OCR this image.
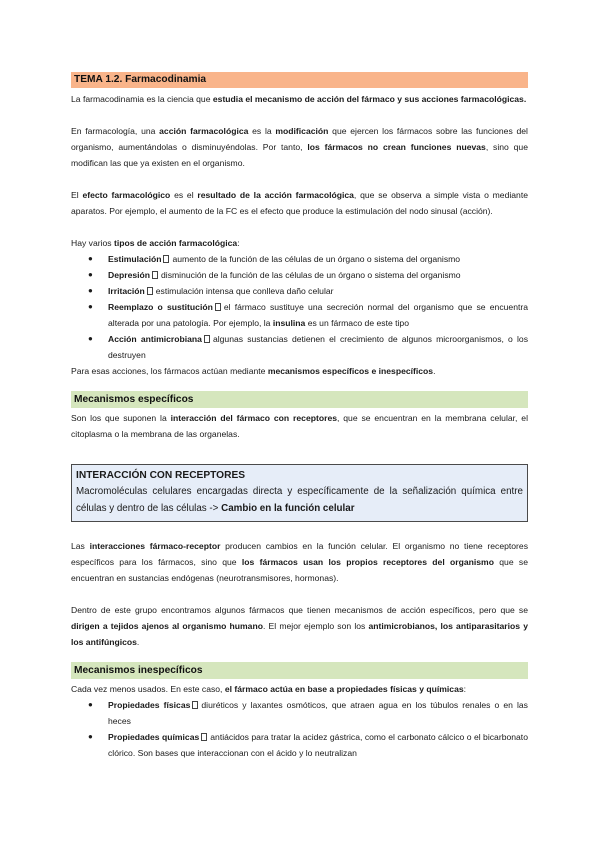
TEMA 1.2. Farmacodinamia

La farmacodinamia es la ciencia que estudia el mecanismo de acción del fármaco y sus acciones farmacológicas.

En farmacología, una acción farmacológica es la modificación que ejercen los fármacos sobre las funciones del organismo, aumentándolas o disminuyéndolas. Por tanto, los fármacos no crean funciones nuevas, sino que modifican las que ya existen en el organismo.

El efecto farmacológico es el resultado de la acción farmacológica, que se observa a simple vista o mediante aparatos. Por ejemplo, el aumento de la FC es el efecto que produce la estimulación del nodo sinusal (acción).

Hay varios tipos de acción farmacológica:

● Estimulación aumento de la función de las células de un órgano o sistema del organismo
● Depresión disminución de la función de las células de un órgano o sistema del organismo
● Irritación estimulación intensa que conlleva daño celular
● Reemplazo o sustitución el fármaco sustituye una secreción normal del organismo que se encuentra alterada por una patología. Por ejemplo, la insulina es un fármaco de este tipo
● Acción antimicrobiana algunas sustancias detienen el crecimiento de algunos microorganismos, o los destruyen

Para esas acciones, los fármacos actúan mediante mecanismos específicos e inespecíficos.

Mecanismos específicos

Son los que suponen la interacción del fármaco con receptores, que se encuentran en la membrana celular, el citoplasma o la membrana de las organelas.

INTERACCIÓN CON RECEPTORES
Macromoléculas celulares encargadas directa y específicamente de la señalización química entre células y dentro de las células -> Cambio en la función celular

Las interacciones fármaco-receptor producen cambios en la función celular. El organismo no tiene receptores específicos para los fármacos, sino que los fármacos usan los propios receptores del organismo que se encuentran en sustancias endógenas (neurotransmisores, hormonas).

Dentro de este grupo encontramos algunos fármacos que tienen mecanismos de acción específicos, pero que se dirigen a tejidos ajenos al organismo humano. El mejor ejemplo son los antimicrobianos, los antiparasitarios y los antifúngicos.

Mecanismos inespecíficos

Cada vez menos usados. En este caso, el fármaco actúa en base a propiedades físicas y químicas:

● Propiedades físicas diuréticos y laxantes osmóticos, que atraen agua en los túbulos renales o en las heces
● Propiedades químicas antiácidos para tratar la acidez gástrica, como el carbonato cálcico o el bicarbonato clórico. Son bases que interaccionan con el ácido y lo neutralizan
